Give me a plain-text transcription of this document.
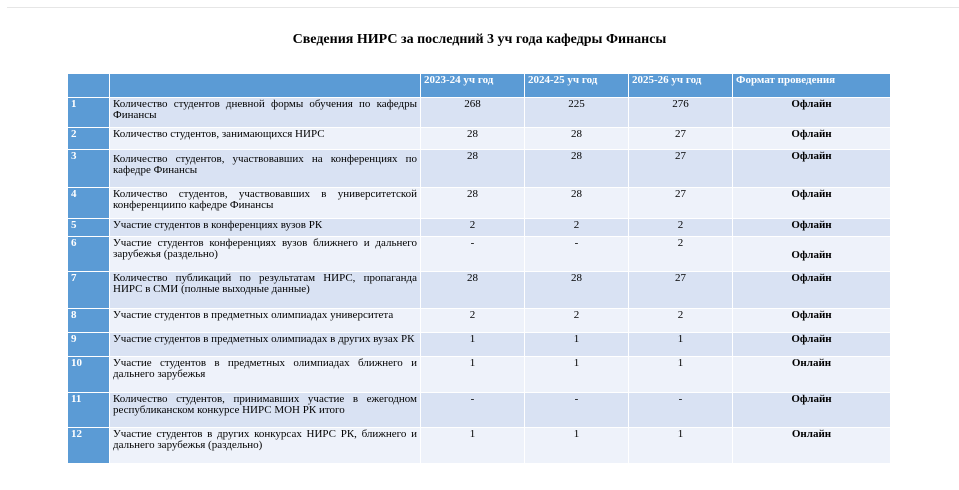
Сведения НИРС за последний 3 уч года кафедры Финансы
		2023-24 уч год	2024-25 уч год	2025-26 уч год	Формат проведения
1	Количество студентов дневной формы обучения по кафедры Финансы	268	225	276	Офлайн
2	Количество студентов, занимающихся НИРС	28	28	27	Офлайн
3	Количество студентов, участвовавших на конференциях по кафедре Финансы	28	28	27	Офлайн
4	Количество студентов, участвовавших в университетской конференциипо кафедре Финансы	28	28	27	Офлайн
5	Участие студентов в конференциях вузов РК	2	2	2	Офлайн
6	Участие студентов конференциях вузов ближнего и дальнего зарубежья (раздельно)	-	-	2	Офлайн
7	Количество публикаций по результатам НИРС, пропаганда НИРС в СМИ (полные выходные данные)	28	28	27	Офлайн
8	Участие студентов в предметных олимпиадах университета	2	2	2	Офлайн
9	Участие студентов в предметных олимпиадах в других вузах РК	1	1	1	Офлайн
10	Участие студентов в предметных олимпиадах ближнего и дальнего зарубежья	1	1	1	Онлайн
11	Количество студентов, принимавших участие в ежегодном республиканском конкурсе НИРС МОН РК итого	-	-	-	Офлайн
12	Участие студентов в других конкурсах НИРС РК, ближнего и дальнего зарубежья (раздельно)	1	1	1	Онлайн
